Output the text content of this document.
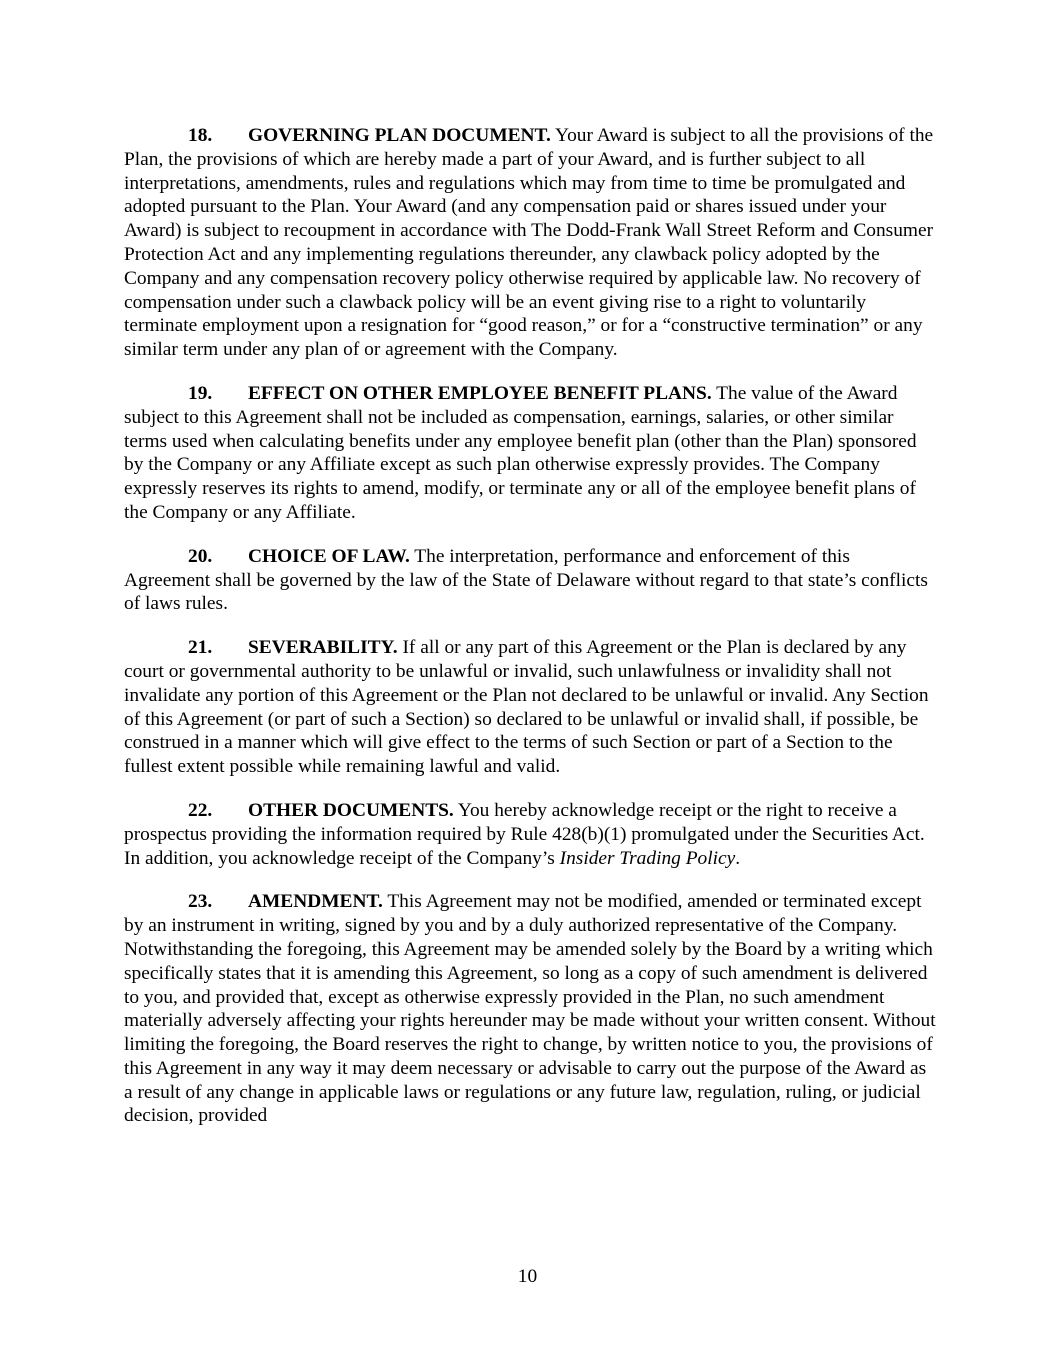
18. GOVERNING PLAN DOCUMENT. Your Award is subject to all the provisions of the Plan, the provisions of which are hereby made a part of your Award, and is further subject to all interpretations, amendments, rules and regulations which may from time to time be promulgated and adopted pursuant to the Plan. Your Award (and any compensation paid or shares issued under your Award) is subject to recoupment in accordance with The Dodd-Frank Wall Street Reform and Consumer Protection Act and any implementing regulations thereunder, any clawback policy adopted by the Company and any compensation recovery policy otherwise required by applicable law. No recovery of compensation under such a clawback policy will be an event giving rise to a right to voluntarily terminate employment upon a resignation for “good reason,” or for a “constructive termination” or any similar term under any plan of or agreement with the Company.

19. EFFECT ON OTHER EMPLOYEE BENEFIT PLANS. The value of the Award subject to this Agreement shall not be included as compensation, earnings, salaries, or other similar terms used when calculating benefits under any employee benefit plan (other than the Plan) sponsored by the Company or any Affiliate except as such plan otherwise expressly provides. The Company expressly reserves its rights to amend, modify, or terminate any or all of the employee benefit plans of the Company or any Affiliate.

20. CHOICE OF LAW. The interpretation, performance and enforcement of this Agreement shall be governed by the law of the State of Delaware without regard to that state’s conflicts of laws rules.

21. SEVERABILITY. If all or any part of this Agreement or the Plan is declared by any court or governmental authority to be unlawful or invalid, such unlawfulness or invalidity shall not invalidate any portion of this Agreement or the Plan not declared to be unlawful or invalid. Any Section of this Agreement (or part of such a Section) so declared to be unlawful or invalid shall, if possible, be construed in a manner which will give effect to the terms of such Section or part of a Section to the fullest extent possible while remaining lawful and valid.

22. OTHER DOCUMENTS. You hereby acknowledge receipt or the right to receive a prospectus providing the information required by Rule 428(b)(1) promulgated under the Securities Act. In addition, you acknowledge receipt of the Company’s Insider Trading Policy.

23. AMENDMENT. This Agreement may not be modified, amended or terminated except by an instrument in writing, signed by you and by a duly authorized representative of the Company. Notwithstanding the foregoing, this Agreement may be amended solely by the Board by a writing which specifically states that it is amending this Agreement, so long as a copy of such amendment is delivered to you, and provided that, except as otherwise expressly provided in the Plan, no such amendment materially adversely affecting your rights hereunder may be made without your written consent. Without limiting the foregoing, the Board reserves the right to change, by written notice to you, the provisions of this Agreement in any way it may deem necessary or advisable to carry out the purpose of the Award as a result of any change in applicable laws or regulations or any future law, regulation, ruling, or judicial decision, provided

10
